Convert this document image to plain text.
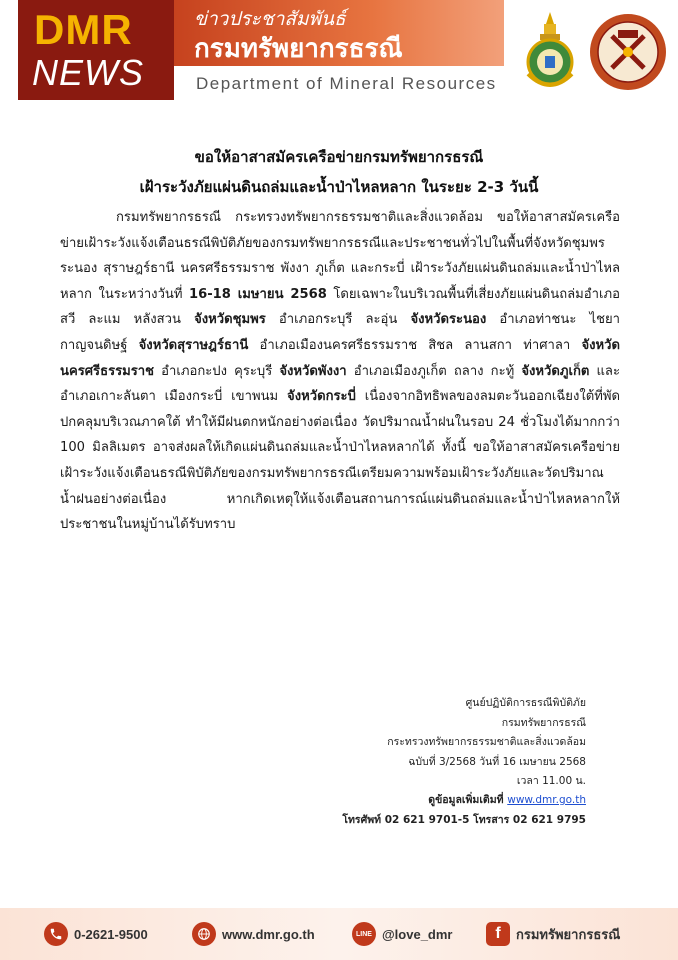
DMR
NEWS
ข่าวประชาสัมพันธ์
กรมทรัพยากรธรณี
Department of Mineral Resources
ขอให้อาสาสมัครเครือข่ายกรมทรัพยากรธรณี
เฝ้าระวังภัยแผ่นดินถล่มและน้ำป่าไหลหลาก ในระยะ 2-3 วันนี้

กรมทรัพยากรธรณี กระทรวงทรัพยากรธรรมชาติและสิ่งแวดล้อม ขอให้อาสาสมัครเครือข่ายเฝ้าระวังแจ้งเตือนธรณีพิบัติภัยของกรมทรัพยากรธรณีและประชาชนทั่วไปในพื้นที่จังหวัดชุมพร ระนอง สุราษฎร์ธานี นครศรีธรรมราช พังงา ภูเก็ต และกระบี่ เฝ้าระวังภัยแผ่นดินถล่มและน้ำป่าไหลหลาก ในระหว่างวันที่ 16-18 เมษายน 2568 โดยเฉพาะในบริเวณพื้นที่เสี่ยงภัยแผ่นดินถล่มอำเภอสวี ละแม หลังสวน จังหวัดชุมพร อำเภอกระบุรี ละอุ่น จังหวัดระนอง อำเภอท่าชนะ ไชยา กาญจนดิษฐ์ จังหวัดสุราษฎร์ธานี อำเภอเมืองนครศรีธรรมราช สิชล ลานสกา ท่าศาลา จังหวัดนครศรีธรรมราช อำเภอกะปง คุระบุรี จังหวัดพังงา อำเภอเมืองภูเก็ต ถลาง กะทู้ จังหวัดภูเก็ต และอำเภอเกาะลันตา เมืองกระบี่ เขาพนม จังหวัดกระบี่ เนื่องจากอิทธิพลของลมตะวันออกเฉียงใต้ที่พัดปกคลุมบริเวณภาคใต้ ทำให้มีฝนตกหนักอย่างต่อเนื่อง วัดปริมาณน้ำฝนในรอบ 24 ชั่วโมงได้มากกว่า 100 มิลลิเมตร อาจส่งผลให้เกิดแผ่นดินถล่มและน้ำป่าไหลหลากได้ ทั้งนี้ ขอให้อาสาสมัครเครือข่ายเฝ้าระวังแจ้งเตือนธรณีพิบัติภัยของกรมทรัพยากรธรณีเตรียมความพร้อมเฝ้าระวังภัยและวัดปริมาณน้ำฝนอย่างต่อเนื่อง หากเกิดเหตุให้แจ้งเตือนสถานการณ์แผ่นดินถล่มและน้ำป่าไหลหลากให้ประชาชนในหมู่บ้านได้รับทราบ

ศูนย์ปฏิบัติการธรณีพิบัติภัย
กรมทรัพยากรธรณี
กระทรวงทรัพยากรธรรมชาติและสิ่งแวดล้อม
ฉบับที่ 3/2568 วันที่ 16 เมษายน 2568
เวลา 11.00 น.
ดูข้อมูลเพิ่มเติมที่ www.dmr.go.th
โทรศัพท์ 02 621 9701-5 โทรสาร 02 621 9795
0-2621-9500	www.dmr.go.th	LINE @love_dmr	f	กรมทรัพยากรธรณี
